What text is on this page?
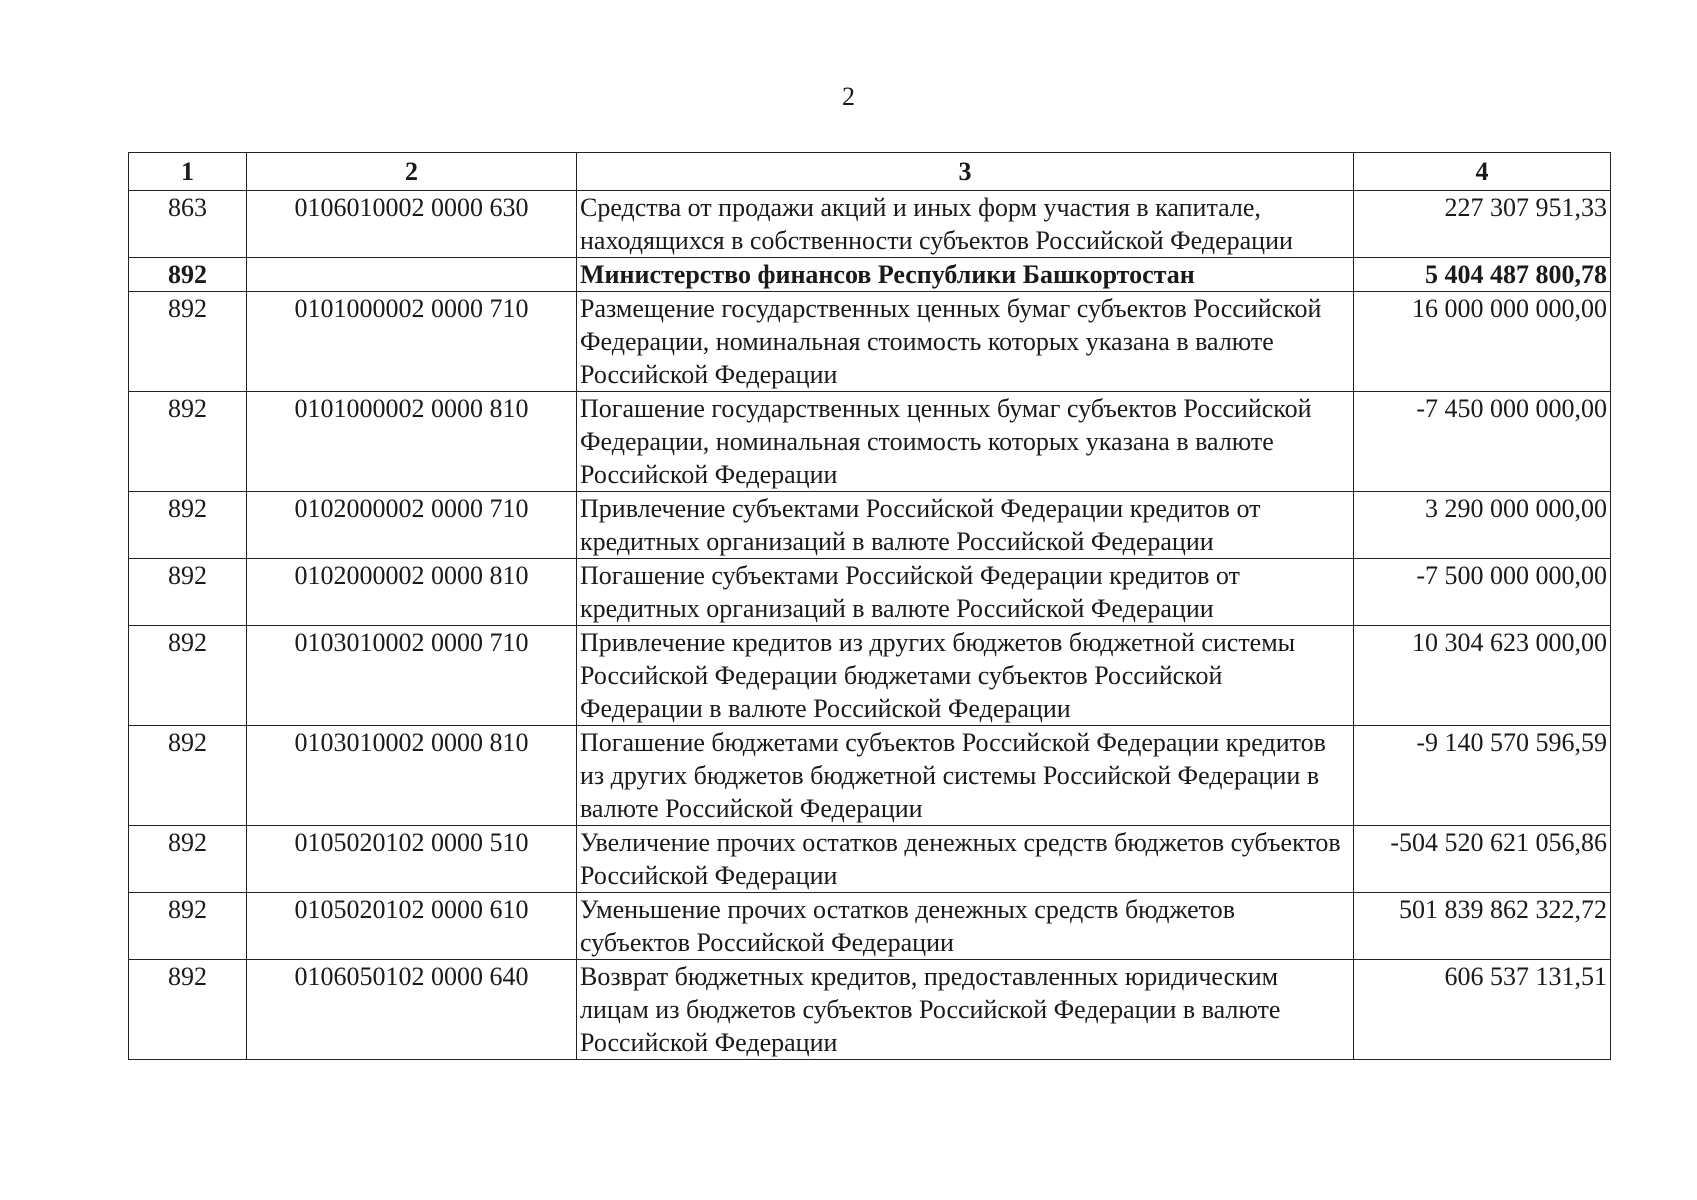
2
1	2	3	4
863	0106010002 0000 630	Средства от продажи акций и иных форм участия в капитале, находящихся в собственности субъектов Российской Федерации	227 307 951,33
892		Министерство финансов Республики Башкортостан	5 404 487 800,78
892	0101000002 0000 710	Размещение государственных ценных бумаг субъектов Российской Федерации, номинальная стоимость которых указана в валюте Российской Федерации	16 000 000 000,00
892	0101000002 0000 810	Погашение государственных ценных бумаг субъектов Российской Федерации, номинальная стоимость которых указана в валюте Российской Федерации	-7 450 000 000,00
892	0102000002 0000 710	Привлечение субъектами Российской Федерации кредитов от кредитных организаций в валюте Российской Федерации	3 290 000 000,00
892	0102000002 0000 810	Погашение субъектами Российской Федерации кредитов от кредитных организаций в валюте Российской Федерации	-7 500 000 000,00
892	0103010002 0000 710	Привлечение кредитов из других бюджетов бюджетной системы Российской Федерации бюджетами субъектов Российской Федерации в валюте Российской Федерации	10 304 623 000,00
892	0103010002 0000 810	Погашение бюджетами субъектов Российской Федерации кредитов из других бюджетов бюджетной системы Российской Федерации в валюте Российской Федерации	-9 140 570 596,59
892	0105020102 0000 510	Увеличение прочих остатков денежных средств бюджетов субъектов Российской Федерации	-504 520 621 056,86
892	0105020102 0000 610	Уменьшение прочих остатков денежных средств бюджетов субъектов Российской Федерации	501 839 862 322,72
892	0106050102 0000 640	Возврат бюджетных кредитов, предоставленных юридическим лицам из бюджетов субъектов Российской Федерации в валюте Российской Федерации	606 537 131,51
